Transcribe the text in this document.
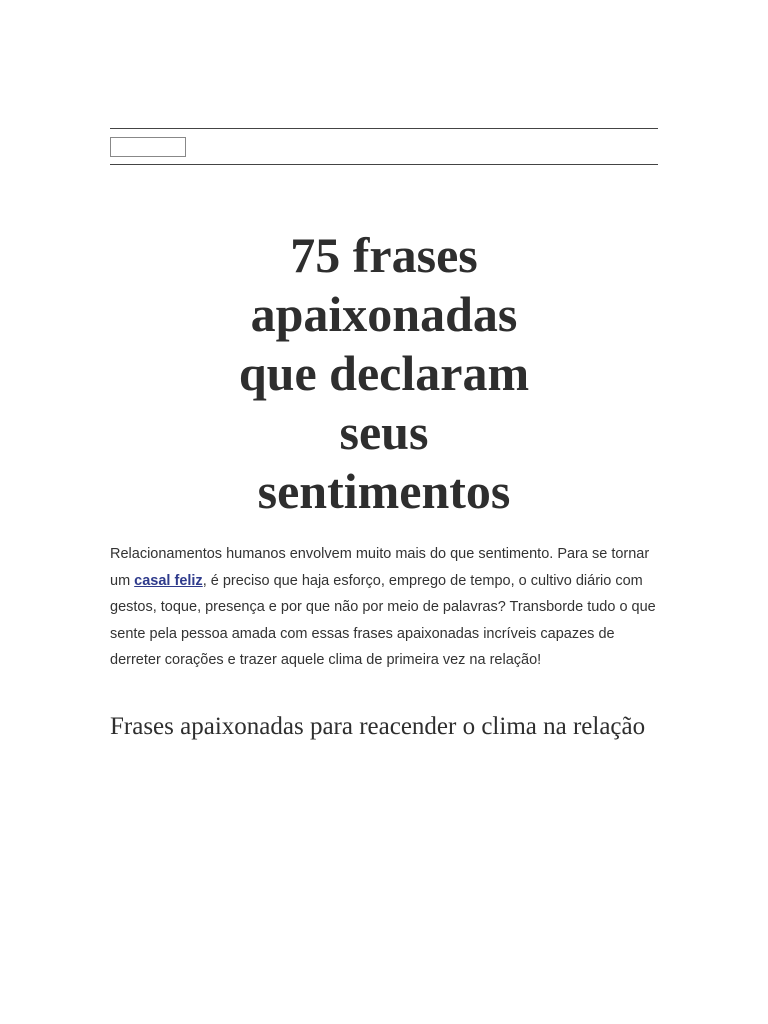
75 frases
apaixonadas
que declaram
seus
sentimentos

Relacionamentos humanos envolvem muito mais do que sentimento. Para se tornar um casal feliz, é preciso que haja esforço, emprego de tempo, o cultivo diário com gestos, toque, presença e por que não por meio de palavras? Transborde tudo o que sente pela pessoa amada com essas frases apaixonadas incríveis capazes de derreter corações e trazer aquele clima de primeira vez na relação!

Frases apaixonadas para reacender o clima na relação
